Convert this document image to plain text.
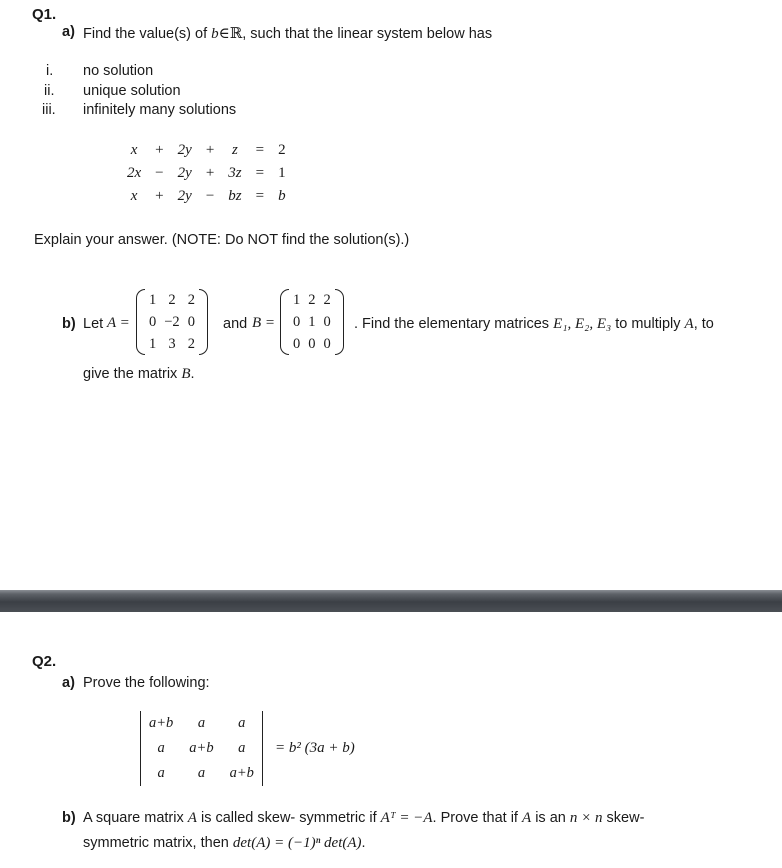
Q1.
a) Find the value(s) of b∈ℝ, such that the linear system below has
i. no solution
ii. unique solution
iii. infinitely many solutions
x	+	2y	+	z	=	2
2x	−	2y	+	3z	=	1
x	+	2y	−	bz	=	b
Explain your answer. (NOTE: Do NOT find the solution(s).)
b) Let A =
1	2	2
0	−2	0
1	3	2
and B =
1	2	2
0	1	0
0	0	0
. Find the elementary matrices E₁, E₂, E₃ to multiply A, to
give the matrix B.
Q2.
a) Prove the following:
a+b	a	a
a	a+b	a
a	a	a+b
= b² (3a + b)
b) A square matrix A is called skew- symmetric if Aᵀ = −A. Prove that if A is an n × n skew-
symmetric matrix, then det(A) = (−1)ⁿ det(A).
